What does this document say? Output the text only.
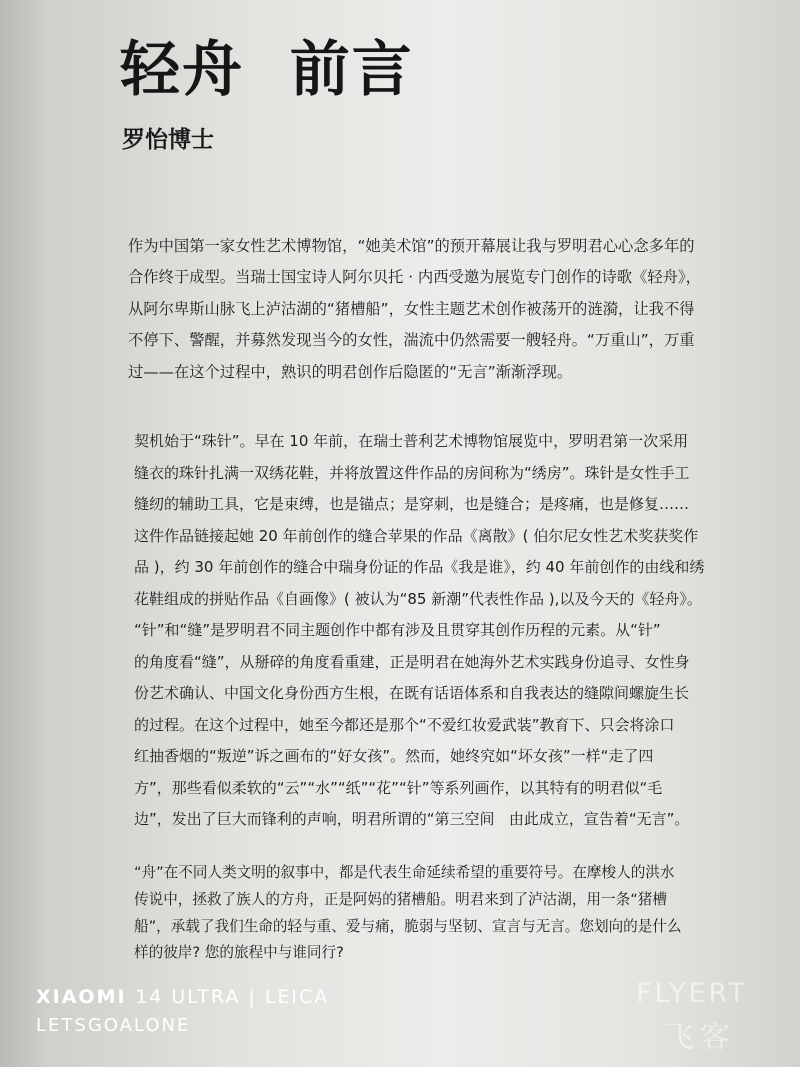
轻舟  前言
罗怡博士
作为中国第一家女性艺术博物馆，“她美术馆”的预开幕展让我与罗明君心心念多年的
合作终于成型。当瑞士国宝诗人阿尔贝托 · 内西受邀为展览专门创作的诗歌《轻舟》，
从阿尔卑斯山脉飞上泸沽湖的“猪槽船”，女性主题艺术创作被荡开的涟漪，让我不得
不停下、警醒，并募然发现当今的女性，湍流中仍然需要一艘轻舟。“万重山”，万重
过——在这个过程中，熟识的明君创作后隐匿的“无言”渐渐浮现。
契机始于“珠针”。早在 10 年前，在瑞士普利艺术博物馆展览中，罗明君第一次采用
缝衣的珠针扎满一双绣花鞋，并将放置这件作品的房间称为“绣房”。珠针是女性手工
缝纫的辅助工具，它是束缚，也是锚点；是穿刺，也是缝合；是疼痛，也是修复……
这件作品链接起她 20 年前创作的缝合苹果的作品《离散》( 伯尔尼女性艺术奖获奖作
品 )，约 30 年前创作的缝合中瑞身份证的作品《我是谁》，约 40 年前创作的由线和绣
花鞋组成的拼贴作品《自画像》( 被认为“85 新潮”代表性作品 ),以及今天的《轻舟》。
“针”和“缝”是罗明君不同主题创作中都有涉及且贯穿其创作历程的元素。从“针”
的角度看“缝”，从掰碎的角度看重建，正是明君在她海外艺术实践身份追寻、女性身
份艺术确认、中国文化身份西方生根，在既有话语体系和自我表达的缝隙间螺旋生长
的过程。在这个过程中，她至今都还是那个“不爱红妆爱武装”教育下、只会将涂口
红抽香烟的“叛逆”诉之画布的“好女孩”。然而，她终究如“坏女孩”一样“走了四
方”，那些看似柔软的“云”“水”“纸”“花”“针”等系列画作，以其特有的明君似“毛
边”，发出了巨大而锋利的声响，明君所谓的“第三空间   由此成立，宣告着“无言”。
“舟”在不同人类文明的叙事中，都是代表生命延续希望的重要符号。在摩梭人的洪水
传说中，拯救了族人的方舟，正是阿妈的猪槽船。明君来到了泸沽湖，用一条“猪槽
船”，承载了我们生命的轻与重、爱与痛，脆弱与坚韧、宣言与无言。您划向的是什么
样的彼岸? 您的旅程中与谁同行?
XIAOMI 14 ULTRA | LEICA
LETSGOALONE
FLYERT
飞客
